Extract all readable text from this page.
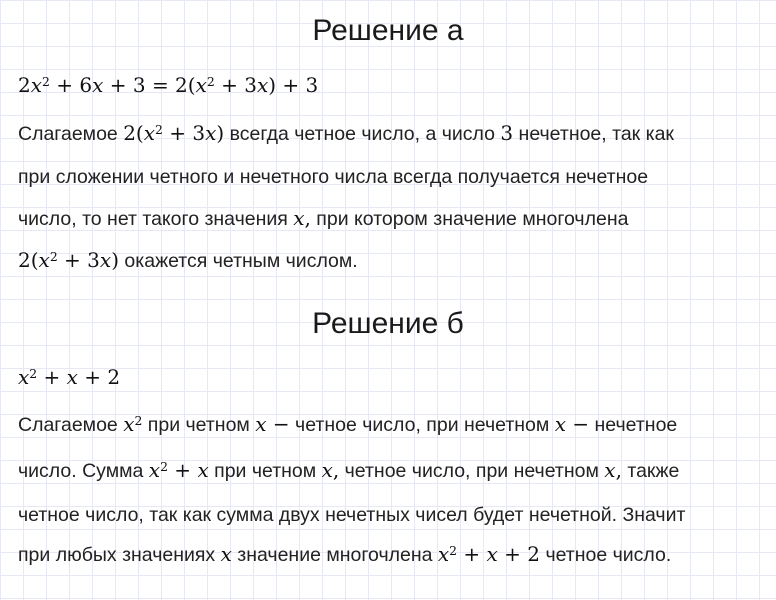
Решение а
$2x^2 + 6x + 3 = 2(x^2 + 3x) + 3$
Слагаемое $2(x^2 + 3x)$ всегда четное число, а число 3 нечетное, так как
при сложении четного и нечетного числа всегда получается нечетное
число, то нет такого значения x, при котором значение многочлена
$2(x^2 + 3x)$ окажется четным числом.
Решение б
$x^2 + x + 2$
Слагаемое $x^2$ при четном x − четное число, при нечетном x − нечетное
число. Сумма $x^2 + x$ при четном x, четное число, при нечетном x, также
четное число, так как сумма двух нечетных чисел будет нечетной. Значит
при любых значениях x значение многочлена $x^2 + x + 2$ четное число.
